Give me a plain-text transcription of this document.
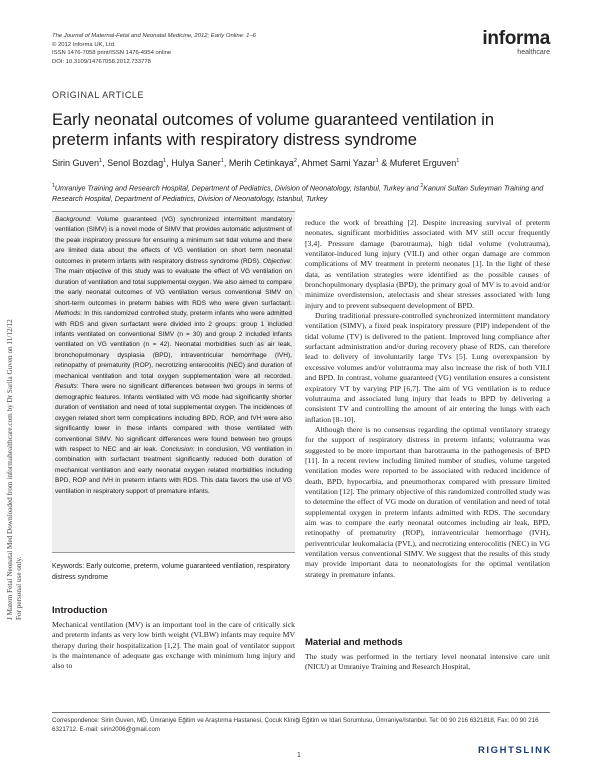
J Matern Fetal Neonatal Med Downloaded from informahealthcare.com by Dr Sarila Guven on 11/12/12 For personal use only.
The Journal of Maternal-Fetal and Neonatal Medicine, 2012; Early Online: 1–6
© 2012 Informa UK, Ltd.
ISSN 1476-7058 print/ISSN 1476-4954 online
DOI: 10.3109/14767058.2012.733778
informa
healthcare
ORIGINAL ARTICLE
Early neonatal outcomes of volume guaranteed ventilation in preterm infants with respiratory distress syndrome
Sirin Guven$^1$, Senol Bozdag$^1$, Hulya Saner$^1$, Merih Cetinkaya$^2$, Ahmet Sami Yazar$^1$ & Muferet Erguven$^1$
$^1$Umraniye Training and Research Hospital, Department of Pediatrics, Division of Neonatology, Istanbul, Turkey and $^2$Kanuni Sultan Suleyman Training and Research Hospital, Department of Pediatrics, Division of Neonatology, Istanbul, Turkey

Background: Volume guaranteed (VG) synchronized intermittent mandatory ventilation (SIMV) is a novel mode of SIMV that provides automatic adjustment of the peak inspiratory pressure for ensuring a minimum set tidal volume and there are limited data about the effects of VG ventilation on short term neonatal outcomes in preterm infants with respiratory distress syndrome (RDS). Objective: The main objective of this study was to evaluate the effect of VG ventilation on duration of ventilation and total supplemental oxygen. We also aimed to compare the early neonatal outcomes of VG ventilation versus conventional SIMV on short-term outcomes in preterm babies with RDS who were given surfactant. Methods: In this randomized controlled study, preterm infants who were admitted with RDS and given surfactant were divided into 2 groups: group 1 included infants ventilated on conventional SIMV (n = 30) and group 2 included infants ventilated on VG ventilation (n = 42). Neonatal morbidities such as air leak, bronchopulmonary dysplasia (BPD), intraventricular hemorrhage (IVH), retinopathy of prematurity (ROP), necrotizing enterocolitis (NEC) and duration of mechanical ventilation and total oxygen supplementation were all recorded. Results: There were no significant differences between two groups in terms of demographic features. Infants ventilated with VG mode had significantly shorter duration of ventilation and need of total supplemental oxygen. The incidences of oxygen related short term complications including BPD, ROP, and IVH were also significantly lower in these infants compared with those ventilated with conventional SIMV. No significant differences were found between two groups with respect to NEC and air leak. Conclusion: In conclusion, VG ventilation in combination with surfactant treatment significantly reduced both duration of mechanical ventilation and early neonatal oxygen related morbidities including BPD, ROP and IVH in preterm infants with RDS. This data favors the use of VG ventilation in respiratory support of premature infants.

Keywords: Early outcome, preterm, volume guaranteed ventilation, respiratory distress syndrome
Introduction

Mechanical ventilation (MV) is an important tool in the care of critically sick and preterm infants as very low birth weight (VLBW) infants may require MV therapy during their hospitalization [1,2]. The main goal of ventilator support is the maintenance of adequate gas exchange with minimum lung injury and also to

reduce the work of breathing [2]. Despite increasing survival of preterm neonates, significant morbidities associated with MV still occur frequently [3,4]. Pressure damage (barotrauma), high tidal volume (volutrauma), ventilator-induced lung injury (VILI) and other organ damage are common complications of MV treatment in preterm neonates [1]. In the light of these data, as ventilation strategies were identified as the possible causes of bronchopulmonary dysplasia (BPD), the primary goal of MV is to avoid and/or minimize overdistension, atelectasis and shear stresses associated with lung injury and to prevent subsequent development of BPD.

During traditional pressure-controlled synchronized intermittent mandatory ventilation (SIMV), a fixed peak inspiratory pressure (PIP) independent of the tidal volume (TV) is delivered to the patient. Improved lung compliance after surfactant administration and/or during recovery phase of RDS, can therefore lead to delivery of involuntarily large TVs [5]. Lung overexpansion by excessive volumes and/or volutrauma may also increase the risk of both VILI and BPD. In contrast, volume guaranteed (VG) ventilation ensures a consistent expiratory VT by varying PIP [6,7]. The aim of VG ventilation is to reduce volutrauma and associated lung injury that leads to BPD by delivering a consistent TV and controlling the amount of air entering the lungs with each inflation [8–10].

Although there is no consensus regarding the optimal ventilatory strategy for the support of respiratory distress in preterm infants; volutrauma was suggested to be more important than barotrauma in the pathogenesis of BPD [11]. In a recent review including limited number of studies, volume targeted ventilation modes were reported to be associated with reduced incidence of death, BPD, hypocarbia, and pneumothorax compared with pressure limited ventilation [12]. The primary objective of this randomized controlled study was to determine the effect of VG mode on duration of ventilation and need of total supplemental oxygen in preterm infants admitted with RDS. The secondary aim was to compare the early neonatal outcomes including air leak, BPD, retinopathy of prematurity (ROP), intraventricular hemorrhage (IVH), periventricular leukomalacia (PVL), and necrotizing enterocolitis (NEC) in VG ventilation versus conventional SIMV. We suggest that the results of this study may provide important data to neonatologists for the optimal ventilation strategy in premature infants.

Material and methods

The study was performed in the tertiary level neonatal intensive care unit (NICU) at Umraniye Training and Research Hospital,

Correspondence: Sirin Guven, MD, Ümraniye Eğitim ve Araştırma Hastanesi, Çocuk Kliniği Eğitim ve Idari Sorumlusu, Ümraniye/Istanbul. Tel: 00 90 216 6321818, Fax: 00 90 216 6321712. E-mail: sirin2006@gmail.com
1	RIGHTSLINK
